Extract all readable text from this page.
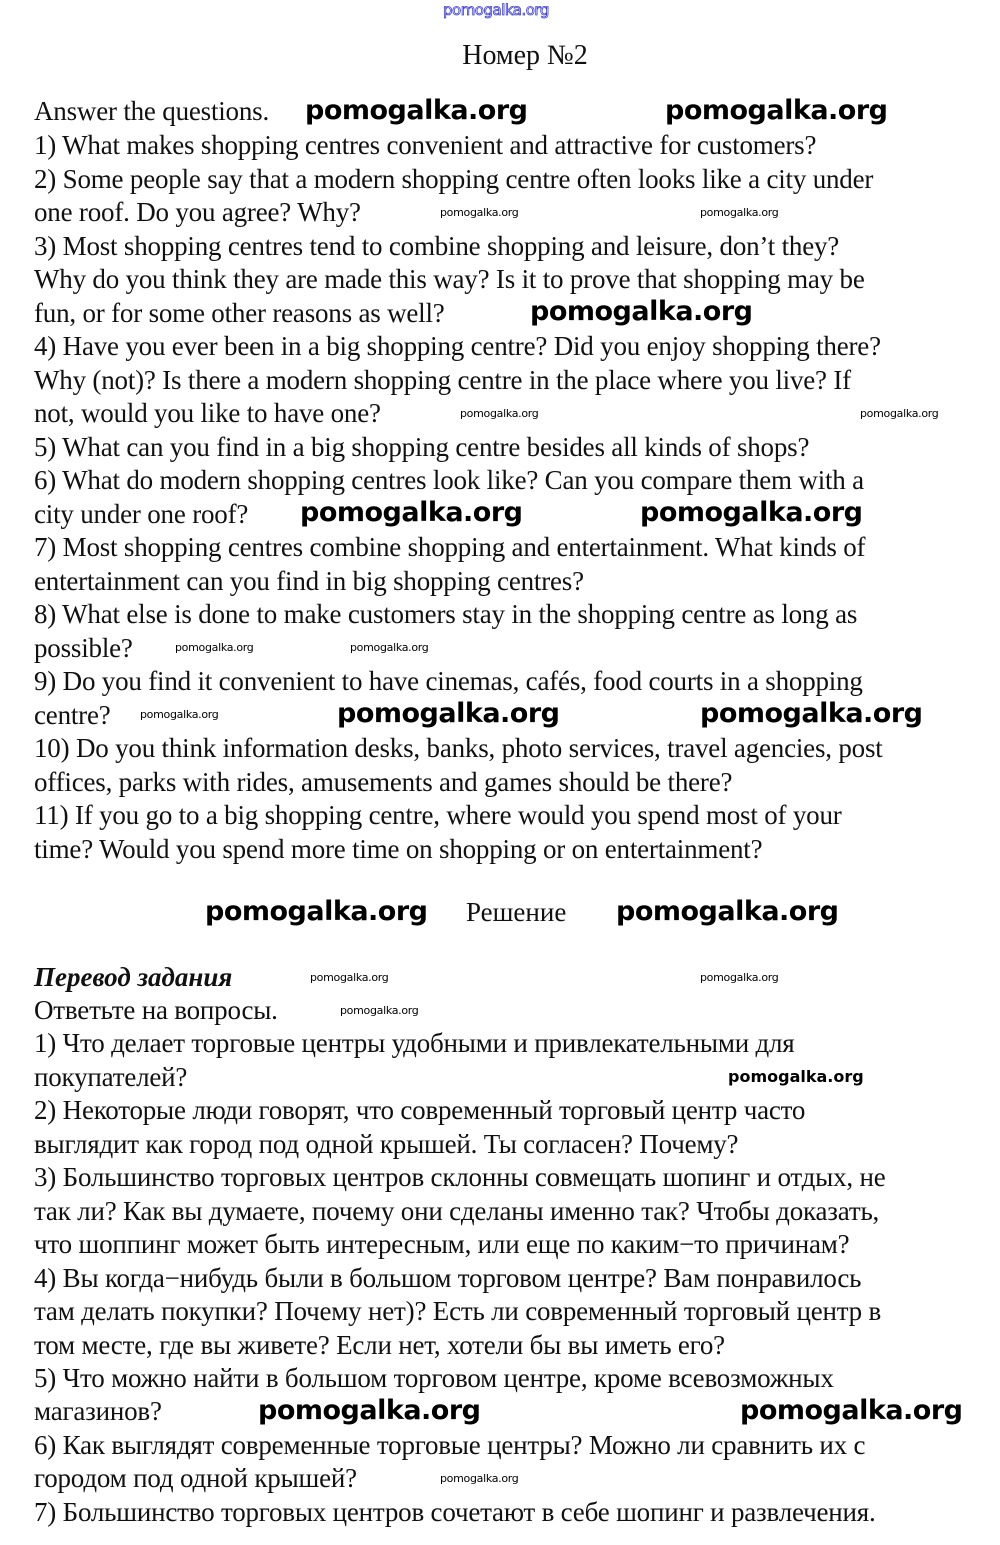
pomogalka.org
Номер №2
Answer the questions.
1) What makes shopping centres convenient and attractive for customers?
2) Some people say that a modern shopping centre often looks like a city under
one roof. Do you agree? Why?
3) Most shopping centres tend to combine shopping and leisure, don’t they?
Why do you think they are made this way? Is it to prove that shopping may be
fun, or for some other reasons as well?
4) Have you ever been in a big shopping centre? Did you enjoy shopping there?
Why (not)? Is there a modern shopping centre in the place where you live? If
not, would you like to have one?
5) What can you find in a big shopping centre besides all kinds of shops?
6) What do modern shopping centres look like? Can you compare them with a
city under one roof?
7) Most shopping centres combine shopping and entertainment. What kinds of
entertainment can you find in big shopping centres?
8) What else is done to make customers stay in the shopping centre as long as
possible?
9) Do you find it convenient to have cinemas, cafés, food courts in a shopping
centre?
10) Do you think information desks, banks, photo services, travel agencies, post
offices, parks with rides, amusements and games should be there?
11) If you go to a big shopping centre, where would you spend most of your
time? Would you spend more time on shopping or on entertainment?
Решение
Перевод задания
Ответьте на вопросы.
1) Что делает торговые центры удобными и привлекательными для
покупателей?
2) Некоторые люди говорят, что современный торговый центр часто
выглядит как город под одной крышей. Ты согласен? Почему?
3) Большинство торговых центров склонны совмещать шопинг и отдых, не
так ли? Как вы думаете, почему они сделаны именно так? Чтобы доказать,
что шоппинг может быть интересным, или еще по каким−то причинам?
4) Вы когда−нибудь были в большом торговом центре? Вам понравилось
там делать покупки? Почему нет)? Есть ли современный торговый центр в
том месте, где вы живете? Если нет, хотели бы вы иметь его?
5) Что можно найти в большом торговом центре, кроме всевозможных
магазинов?
6) Как выглядят современные торговые центры? Можно ли сравнить их с
городом под одной крышей?
7) Большинство торговых центров сочетают в себе шопинг и развлечения.
pomogalka.org	pomogalka.org
pomogalka.org
pomogalka.org	pomogalka.org
pomogalka.org	pomogalka.org
pomogalka.org	pomogalka.org
pomogalka.org	pomogalka.org
pomogalka.org
pomogalka.org	pomogalka.org
pomogalka.org	pomogalka.org
pomogalka.org	pomogalka.org
pomogalka.org
pomogalka.org	pomogalka.org
pomogalka.org
pomogalka.org
